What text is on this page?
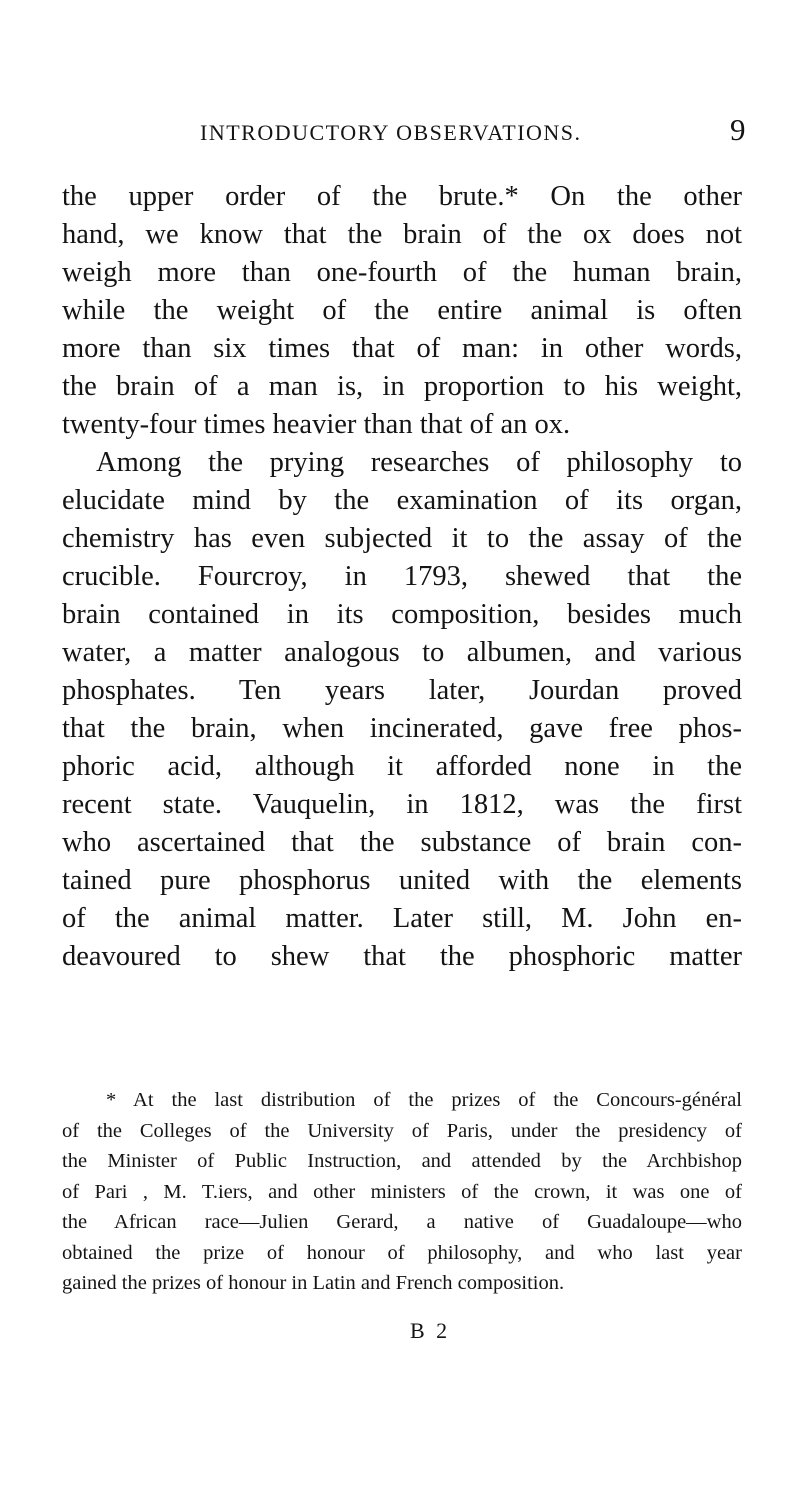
INTRODUCTORY OBSERVATIONS.	9
the upper order of the brute.* On the other
hand, we know that the brain of the ox does not
weigh more than one-fourth of the human brain,
while the weight of the entire animal is often
more than six times that of man: in other words,
the brain of a man is, in proportion to his weight,
twenty-four times heavier than that of an ox.
Among the prying researches of philosophy to
elucidate mind by the examination of its organ,
chemistry has even subjected it to the assay of the
crucible. Fourcroy, in 1793, shewed that the
brain contained in its composition, besides much
water, a matter analogous to albumen, and various
phosphates. Ten years later, Jourdan proved
that the brain, when incinerated, gave free phos-
phoric acid, although it afforded none in the
recent state. Vauquelin, in 1812, was the first
who ascertained that the substance of brain con-
tained pure phosphorus united with the elements
of the animal matter. Later still, M. John en-
deavoured to shew that the phosphoric matter
* At the last distribution of the prizes of the Concours-général
of the Colleges of the University of Paris, under the presidency of
the Minister of Public Instruction, and attended by the Archbishop
of Pari , M. T.iers, and other ministers of the crown, it was one of
the African race—Julien Gerard, a native of Guadaloupe—who
obtained the prize of honour of philosophy, and who last year
gained the prizes of honour in Latin and French composition.
B 2
